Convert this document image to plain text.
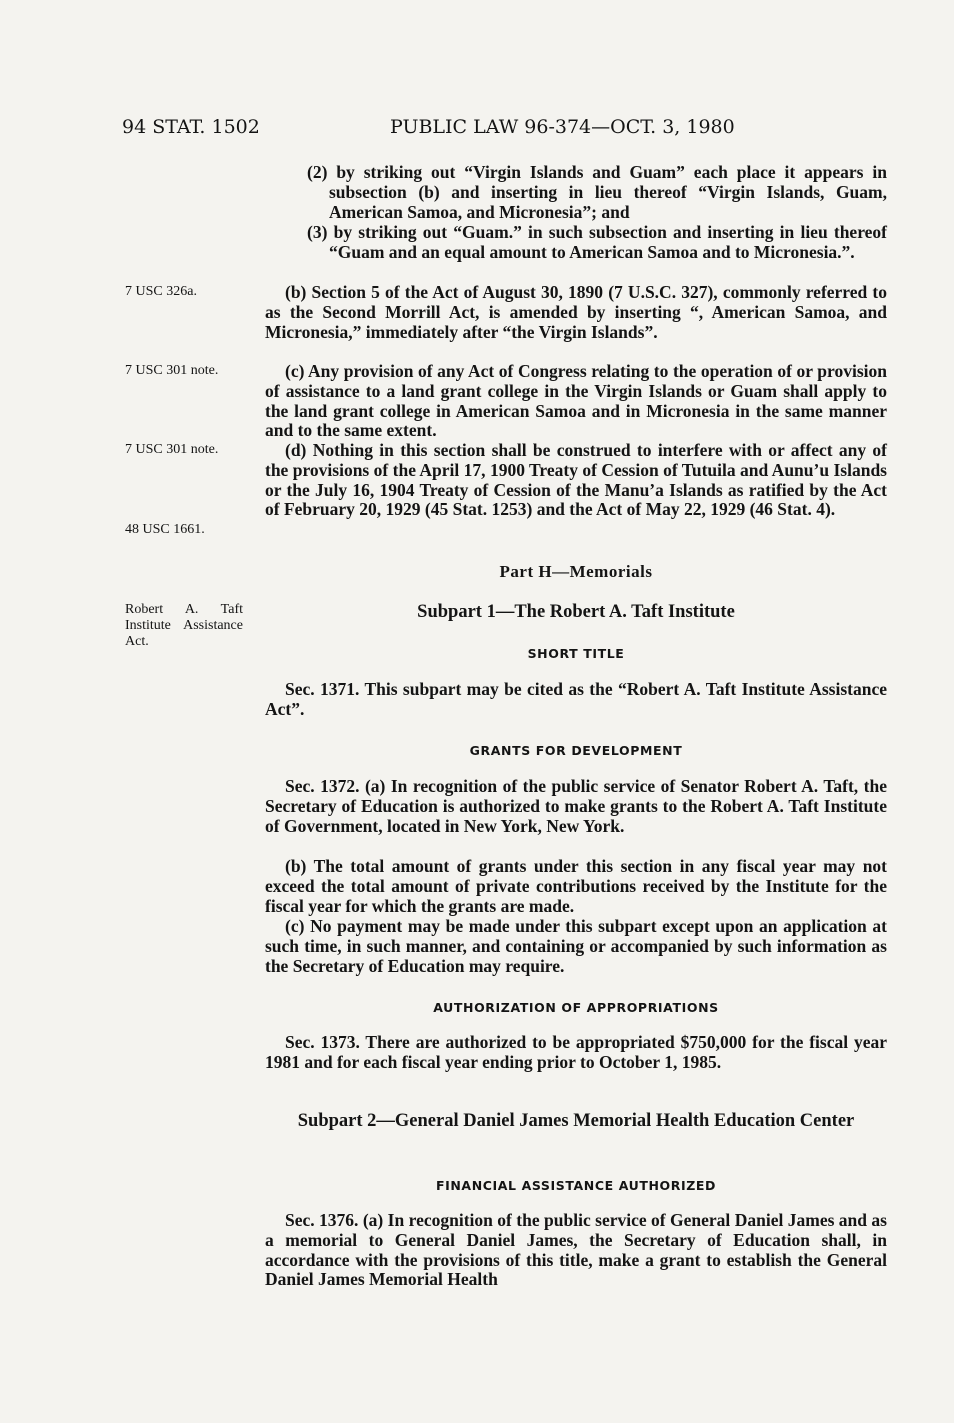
94 STAT. 1502	PUBLIC LAW 96-374—OCT. 3, 1980
7 USC 326a.
7 USC 301 note.
7 USC 301 note.
48 USC 1661.
Robert A. Taft Institute Assistance Act.
(2) by striking out “Virgin Islands and Guam” each place it appears in subsection (b) and inserting in lieu thereof “Virgin Islands, Guam, American Samoa, and Micronesia”; and
(3) by striking out “Guam.” in such subsection and inserting in lieu thereof “Guam and an equal amount to American Samoa and to Micronesia.”.
(b) Section 5 of the Act of August 30, 1890 (7 U.S.C. 327), commonly referred to as the Second Morrill Act, is amended by inserting “, American Samoa, and Micronesia,” immediately after “the Virgin Islands”.
(c) Any provision of any Act of Congress relating to the operation of or provision of assistance to a land grant college in the Virgin Islands or Guam shall apply to the land grant college in American Samoa and in Micronesia in the same manner and to the same extent.
(d) Nothing in this section shall be construed to interfere with or affect any of the provisions of the April 17, 1900 Treaty of Cession of Tutuila and Aunu’u Islands or the July 16, 1904 Treaty of Cession of the Manu’a Islands as ratified by the Act of February 20, 1929 (45 Stat. 1253) and the Act of May 22, 1929 (46 Stat. 4).
Part H—Memorials
Subpart 1—The Robert A. Taft Institute
SHORT TITLE
Sec. 1371. This subpart may be cited as the “Robert A. Taft Institute Assistance Act”.
GRANTS FOR DEVELOPMENT
Sec. 1372. (a) In recognition of the public service of Senator Robert A. Taft, the Secretary of Education is authorized to make grants to the Robert A. Taft Institute of Government, located in New York, New York.
(b) The total amount of grants under this section in any fiscal year may not exceed the total amount of private contributions received by the Institute for the fiscal year for which the grants are made.
(c) No payment may be made under this subpart except upon an application at such time, in such manner, and containing or accompanied by such information as the Secretary of Education may require.
AUTHORIZATION OF APPROPRIATIONS
Sec. 1373. There are authorized to be appropriated $750,000 for the fiscal year 1981 and for each fiscal year ending prior to October 1, 1985.
Subpart 2—General Daniel James Memorial Health Education Center
FINANCIAL ASSISTANCE AUTHORIZED
Sec. 1376. (a) In recognition of the public service of General Daniel James and as a memorial to General Daniel James, the Secretary of Education shall, in accordance with the provisions of this title, make a grant to establish the General Daniel James Memorial Health
